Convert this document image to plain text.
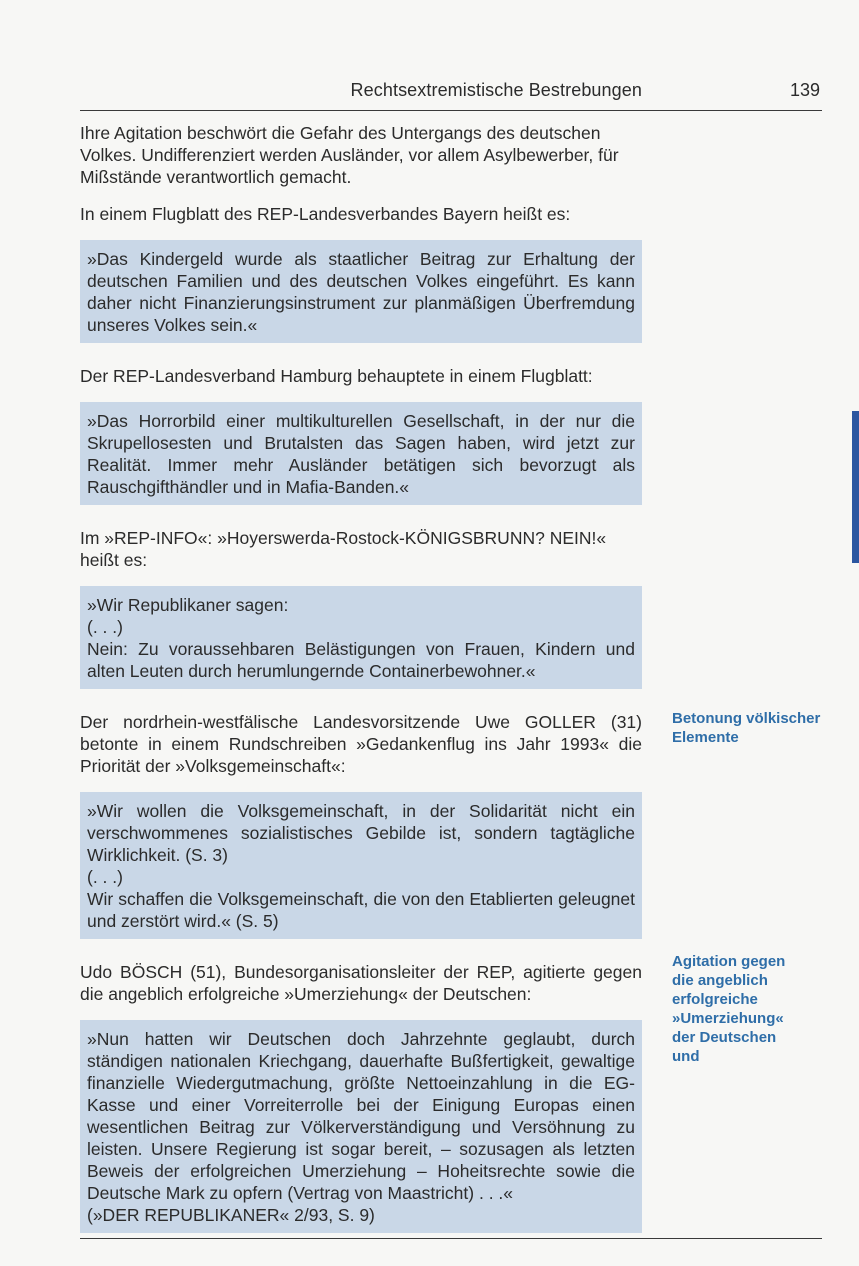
Rechtsextremistische Bestrebungen	139

Ihre Agitation beschwört die Gefahr des Untergangs des deutschen Volkes. Undifferenziert werden Ausländer, vor allem Asylbewerber, für Mißstände verantwortlich gemacht.

In einem Flugblatt des REP-Landesverbandes Bayern heißt es:

»Das Kindergeld wurde als staatlicher Beitrag zur Erhaltung der deutschen Familien und des deutschen Volkes eingeführt. Es kann daher nicht Finanzierungsinstrument zur planmäßigen Überfremdung unseres Volkes sein.«

Der REP-Landesverband Hamburg behauptete in einem Flugblatt:

»Das Horrorbild einer multikulturellen Gesellschaft, in der nur die Skrupellosesten und Brutalsten das Sagen haben, wird jetzt zur Realität. Immer mehr Ausländer betätigen sich bevorzugt als Rauschgifthändler und in Mafia-Banden.«

Im »REP-INFO«: »Hoyerswerda-Rostock-KÖNIGSBRUNN? NEIN!« heißt es:

»Wir Republikaner sagen:

(. . .)

Nein: Zu voraussehbaren Belästigungen von Frauen, Kindern und alten Leuten durch herumlungernde Containerbewohner.«

Der nordrhein-westfälische Landesvorsitzende Uwe GOLLER (31) betonte in einem Rundschreiben »Gedankenflug ins Jahr 1993« die Priorität der »Volksgemeinschaft«:

»Wir wollen die Volksgemeinschaft, in der Solidarität nicht ein verschwommenes sozialistisches Gebilde ist, sondern tagtägliche Wirklichkeit. (S. 3)

(. . .)

Wir schaffen die Volksgemeinschaft, die von den Etablierten geleugnet und zerstört wird.« (S. 5)

Udo BÖSCH (51), Bundesorganisationsleiter der REP, agitierte gegen die angeblich erfolgreiche »Umerziehung« der Deutschen:

»Nun hatten wir Deutschen doch Jahrzehnte geglaubt, durch ständigen nationalen Kriechgang, dauerhafte Bußfertigkeit, gewaltige finanzielle Wiedergutmachung, größte Nettoeinzahlung in die EG-Kasse und einer Vorreiterrolle bei der Einigung Europas einen wesentlichen Beitrag zur Völkerverständigung und Versöhnung zu leisten. Unsere Regierung ist sogar bereit, – sozusagen als letzten Beweis der erfolgreichen Umerziehung – Hoheitsrechte sowie die Deutsche Mark zu opfern (Vertrag von Maastricht) . . .«

(»DER REPUBLIKANER« 2/93, S. 9)

Betonung völkischer
Elemente
Agitation gegen
die angeblich
erfolgreiche
»Umerziehung«
der Deutschen
und
